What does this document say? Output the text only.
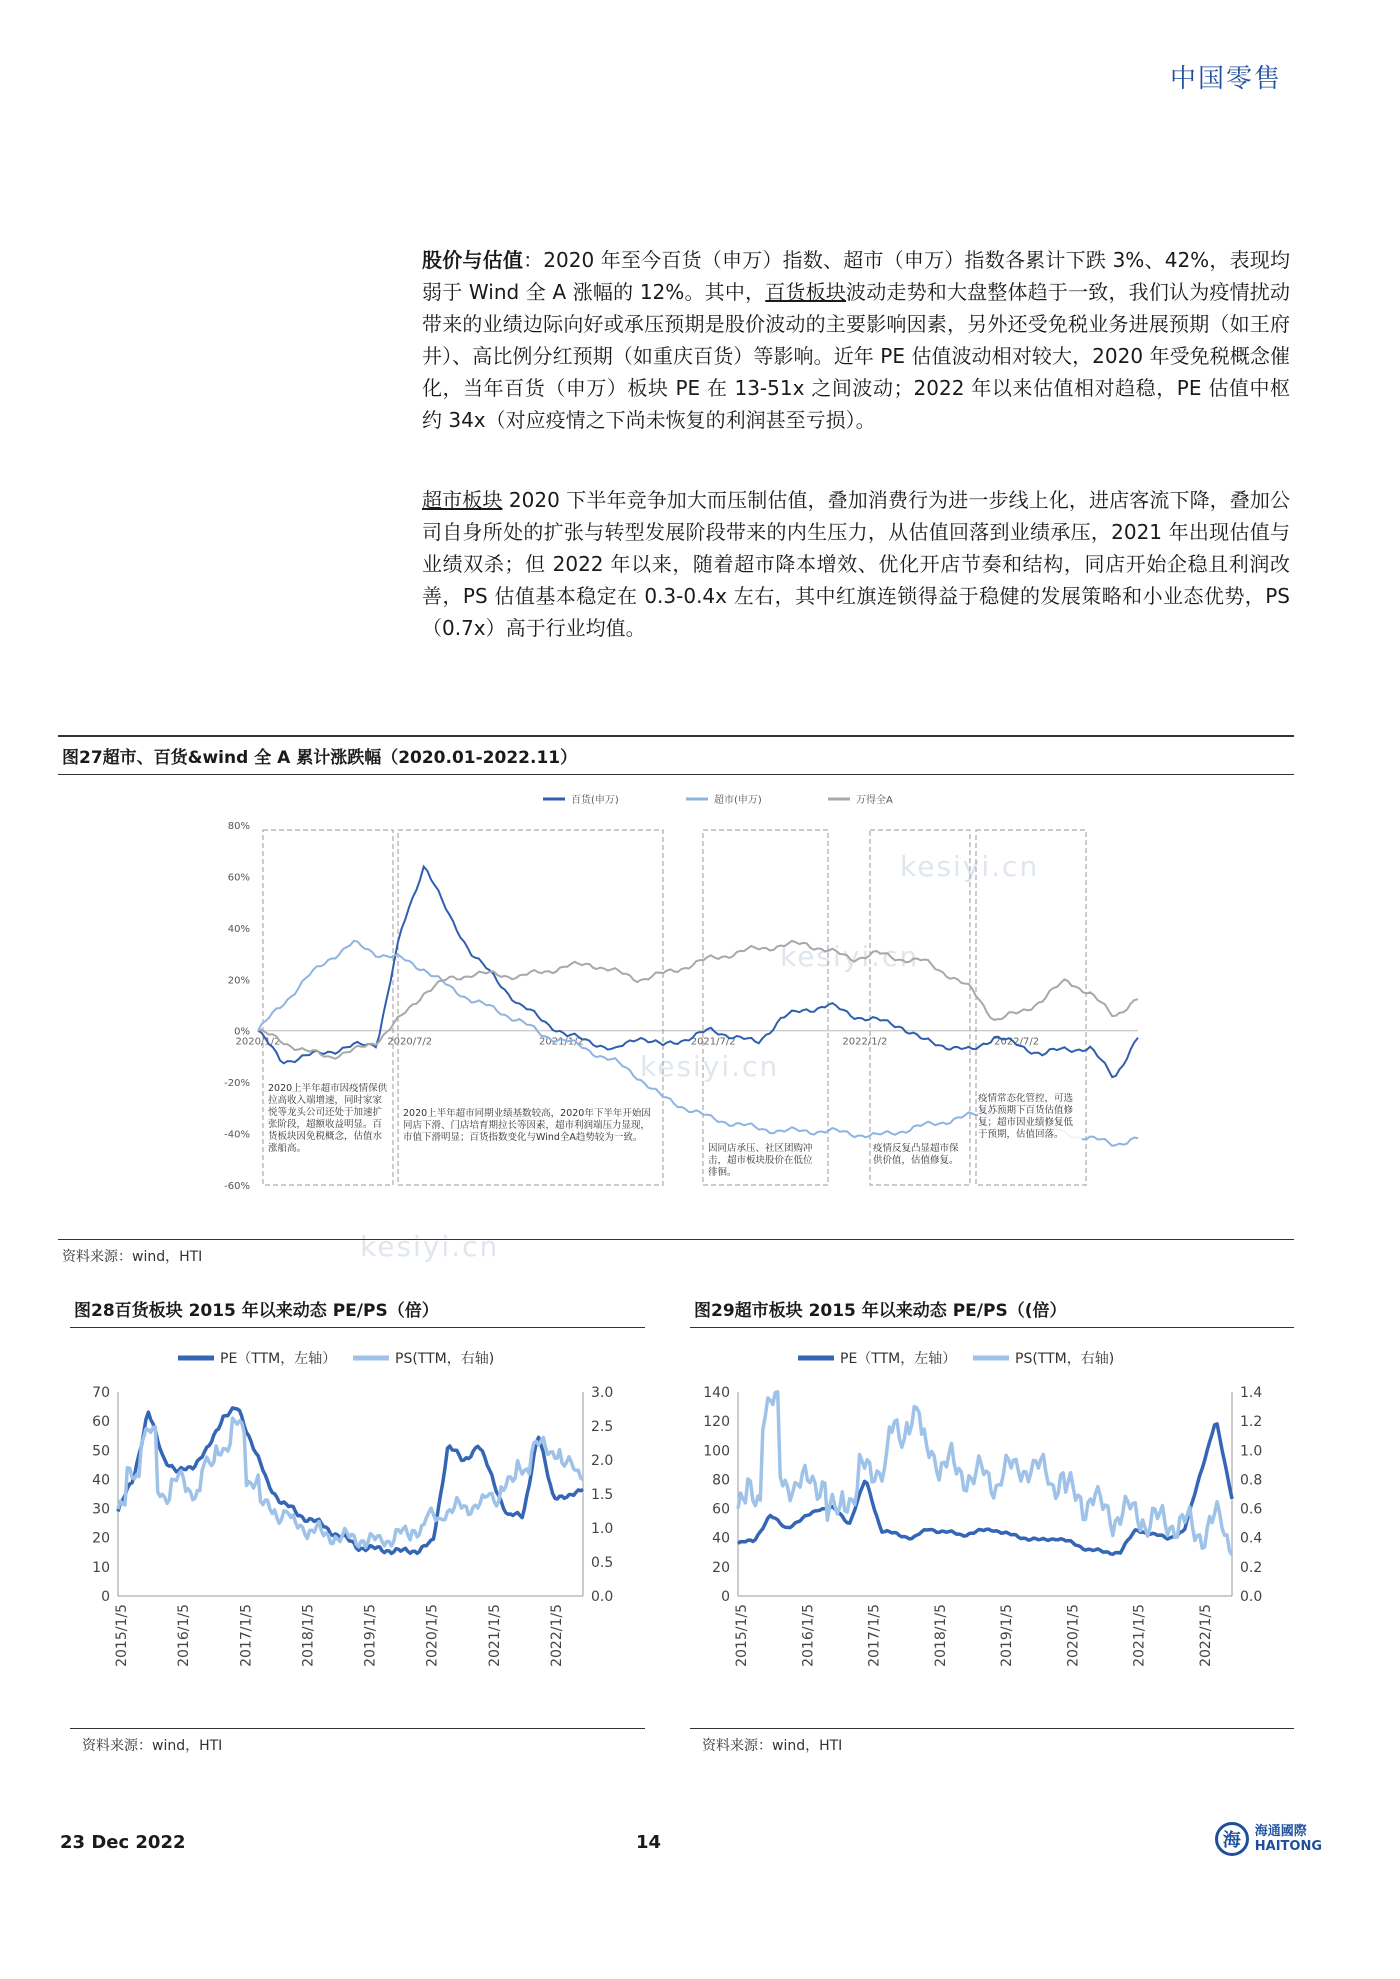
中国零售
股价与估值：2020 年至今百货（申万）指数、超市（申万）指数各累计下跌 3%、42%，表现均弱于 Wind 全 A 涨幅的 12%。其中，百货板块波动走势和大盘整体趋于一致，我们认为疫情扰动带来的业绩边际向好或承压预期是股价波动的主要影响因素，另外还受免税业务进展预期（如王府井）、高比例分红预期（如重庆百货）等影响。近年 PE 估值波动相对较大，2020 年受免税概念催化，当年百货（申万）板块 PE 在 13-51x 之间波动；2022 年以来估值相对趋稳，PE 估值中枢约 34x（对应疫情之下尚未恢复的利润甚至亏损）。
超市板块 2020 下半年竞争加大而压制估值，叠加消费行为进一步线上化，进店客流下降，叠加公司自身所处的扩张与转型发展阶段带来的内生压力，从估值回落到业绩承压，2021 年出现估值与业绩双杀；但 2022 年以来，随着超市降本增效、优化开店节奏和结构，同店开始企稳且利润改善，PS 估值基本稳定在 0.3-0.4x 左右，其中红旗连锁得益于稳健的发展策略和小业态优势，PS（0.7x）高于行业均值。
kesiyi.cn
kesiyi.cn
kesiyi.cn
kesiyi.cn
图27超市、百货&wind 全 A 累计涨跌幅（2020.01-2022.11）
百货(申万)	超市(申万)	万得全A
80%
60%
40%
20%
0%
-20%
-40%
-60%
2020/1/2	2020/7/2	2021/1/2	2021/7/2	2022/1/2	2022/7/2
2020上半年超市因疫情保供拉高收入端增速，同时家家悦等龙头公司还处于加速扩张阶段，超额收益明显。百货板块因免税概念，估值水涨船高。
2020上半年超市同期业绩基数较高，2020年下半年开始因同店下滑、门店培育期拉长等因素，超市利润端压力显现，市值下滑明显；百货指数变化与Wind全A趋势较为一致。
因同店承压、社区团购冲击，超市板块股价在低位徘徊。
疫情反复凸显超市保供价值，估值修复。
疫情常态化管控，可选复苏预期下百货估值修复；超市因业绩修复低于预期，估值回落。
资料来源：wind，HTI
图28百货板块 2015 年以来动态 PE/PS（倍）
PE（TTM，左轴）	PS(TTM，右轴)
0
10
20
30
40
50
60
70
0.0
0.5
1.0
1.5
2.0
2.5
3.0
2015/1/5	2016/1/5	2017/1/5	2018/1/5	2019/1/5	2020/1/5	2021/1/5	2022/1/5
资料来源：wind，HTI
图29超市板块 2015 年以来动态 PE/PS（(倍）
PE（TTM，左轴）	PS(TTM，右轴)
0
20
40
60
80
100
120
140
0.0
0.2
0.4
0.6
0.8
1.0
1.2
1.4
2015/1/5	2016/1/5	2017/1/5	2018/1/5	2019/1/5	2020/1/5	2021/1/5	2022/1/5
资料来源：wind，HTI
23 Dec 2022	14	海	海通國際
HAITONG
